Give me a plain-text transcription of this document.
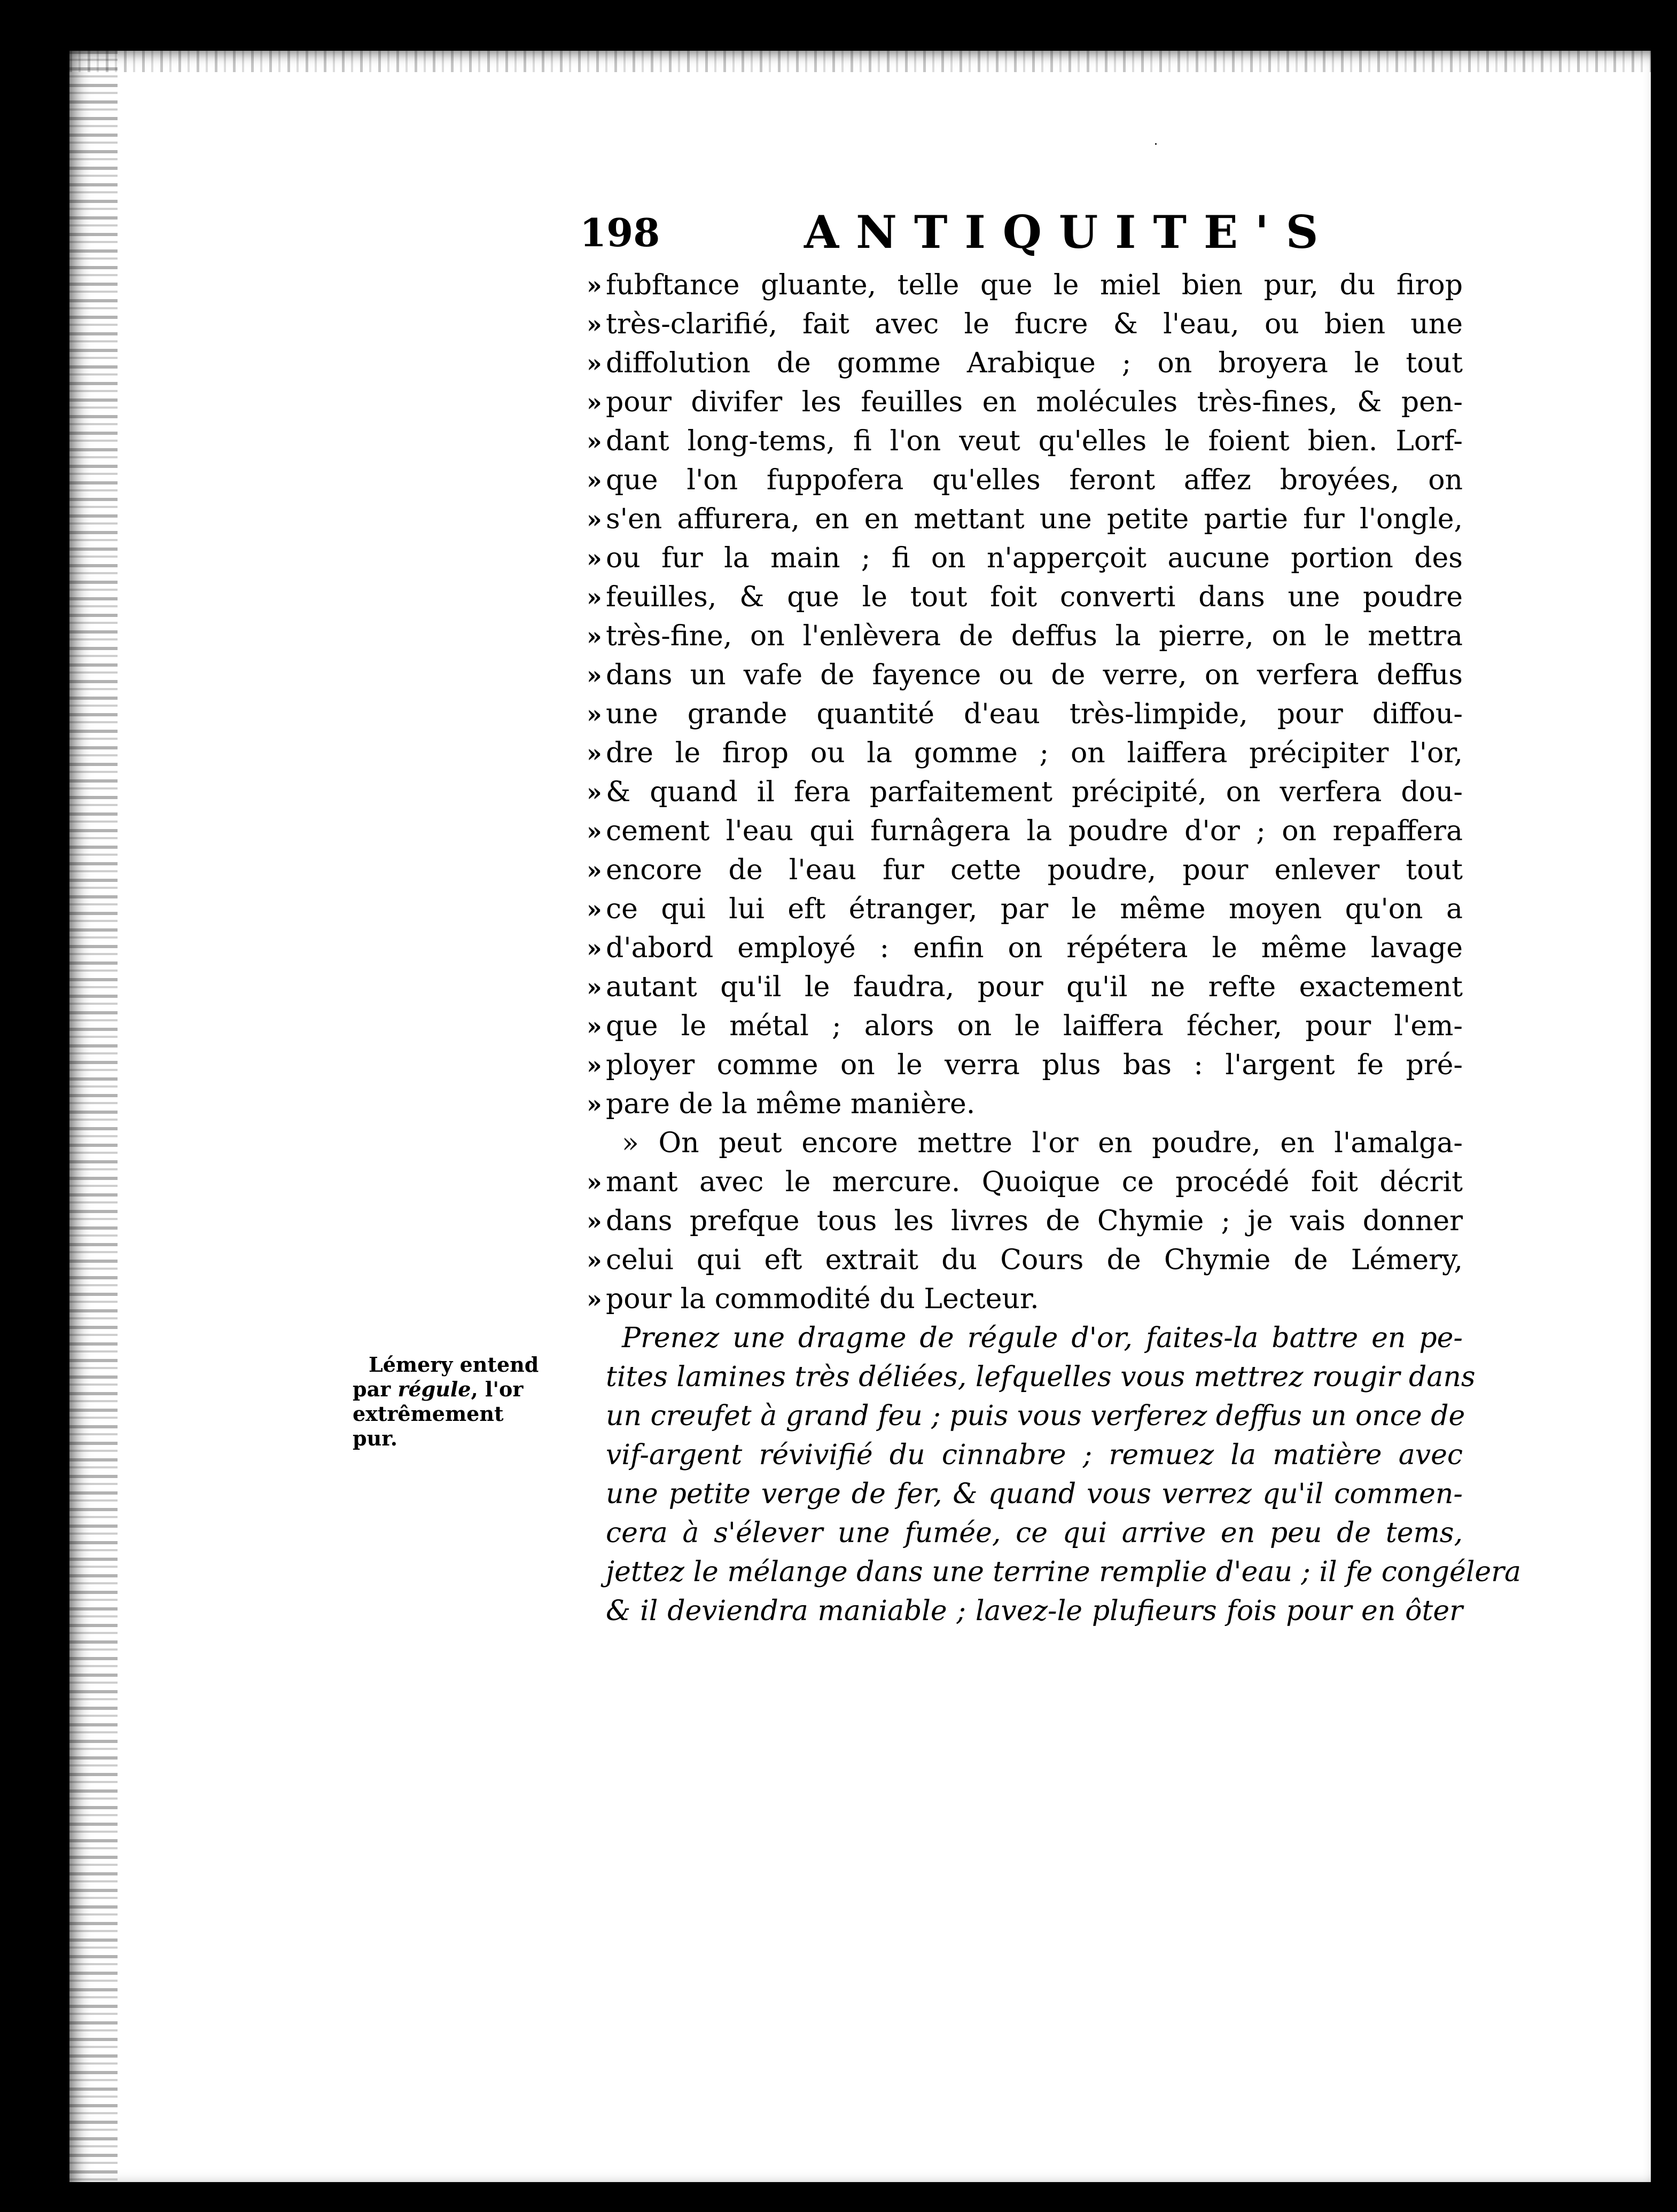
198	ANTIQUITE'S
» fubftance gluante, telle que le miel bien pur, du firop
» très-clarifié, fait avec le fucre & l'eau, ou bien une
» diffolution de gomme Arabique ; on broyera le tout
» pour divifer les feuilles en molécules très-fines, & pen-
» dant long-tems, fi l'on veut qu'elles le foient bien. Lorf-
» que l'on fuppofera qu'elles feront affez broyées, on
» s'en affurera, en en mettant une petite partie fur l'ongle,
» ou fur la main ; fi on n'apperçoit aucune portion des
» feuilles, & que le tout foit converti dans une poudre
» très-fine, on l'enlèvera de deffus la pierre, on le mettra
» dans un vafe de fayence ou de verre, on verfera deffus
» une grande quantité d'eau très-limpide, pour diffou-
» dre le firop ou la gomme ; on laiffera précipiter l'or,
» & quand il fera parfaitement précipité, on verfera dou-
» cement l'eau qui furnâgera la poudre d'or ; on repaffera
» encore de l'eau fur cette poudre, pour enlever tout
» ce qui lui eft étranger, par le même moyen qu'on a
» d'abord employé : enfin on répétera le même lavage
» autant qu'il le faudra, pour qu'il ne refte exactement
» que le métal ; alors on le laiffera fécher, pour l'em-
» ployer comme on le verra plus bas : l'argent fe pré-
» pare de la même manière.
» On peut encore mettre l'or en poudre, en l'amalga-
» mant avec le mercure. Quoique ce procédé foit décrit
» dans prefque tous les livres de Chymie ; je vais donner
» celui qui eft extrait du Cours de Chymie de Lémery,
» pour la commodité du Lecteur.
Prenez une dragme de régule d'or, faites-la battre en pe-
tites lamines très déliées, lefquelles vous mettrez rougir dans
un creufet à grand feu ; puis vous verferez deffus un once de
vif-argent révivifié du cinnabre ; remuez la matière avec
une petite verge de fer, & quand vous verrez qu'il commen-
cera à s'élever une fumée, ce qui arrive en peu de tems,
jettez le mélange dans une terrine remplie d'eau ; il fe congélera
& il deviendra maniable ; lavez-le plufieurs fois pour en ôter
Lémery entend
par régule, l'or
extrêmement
pur.
